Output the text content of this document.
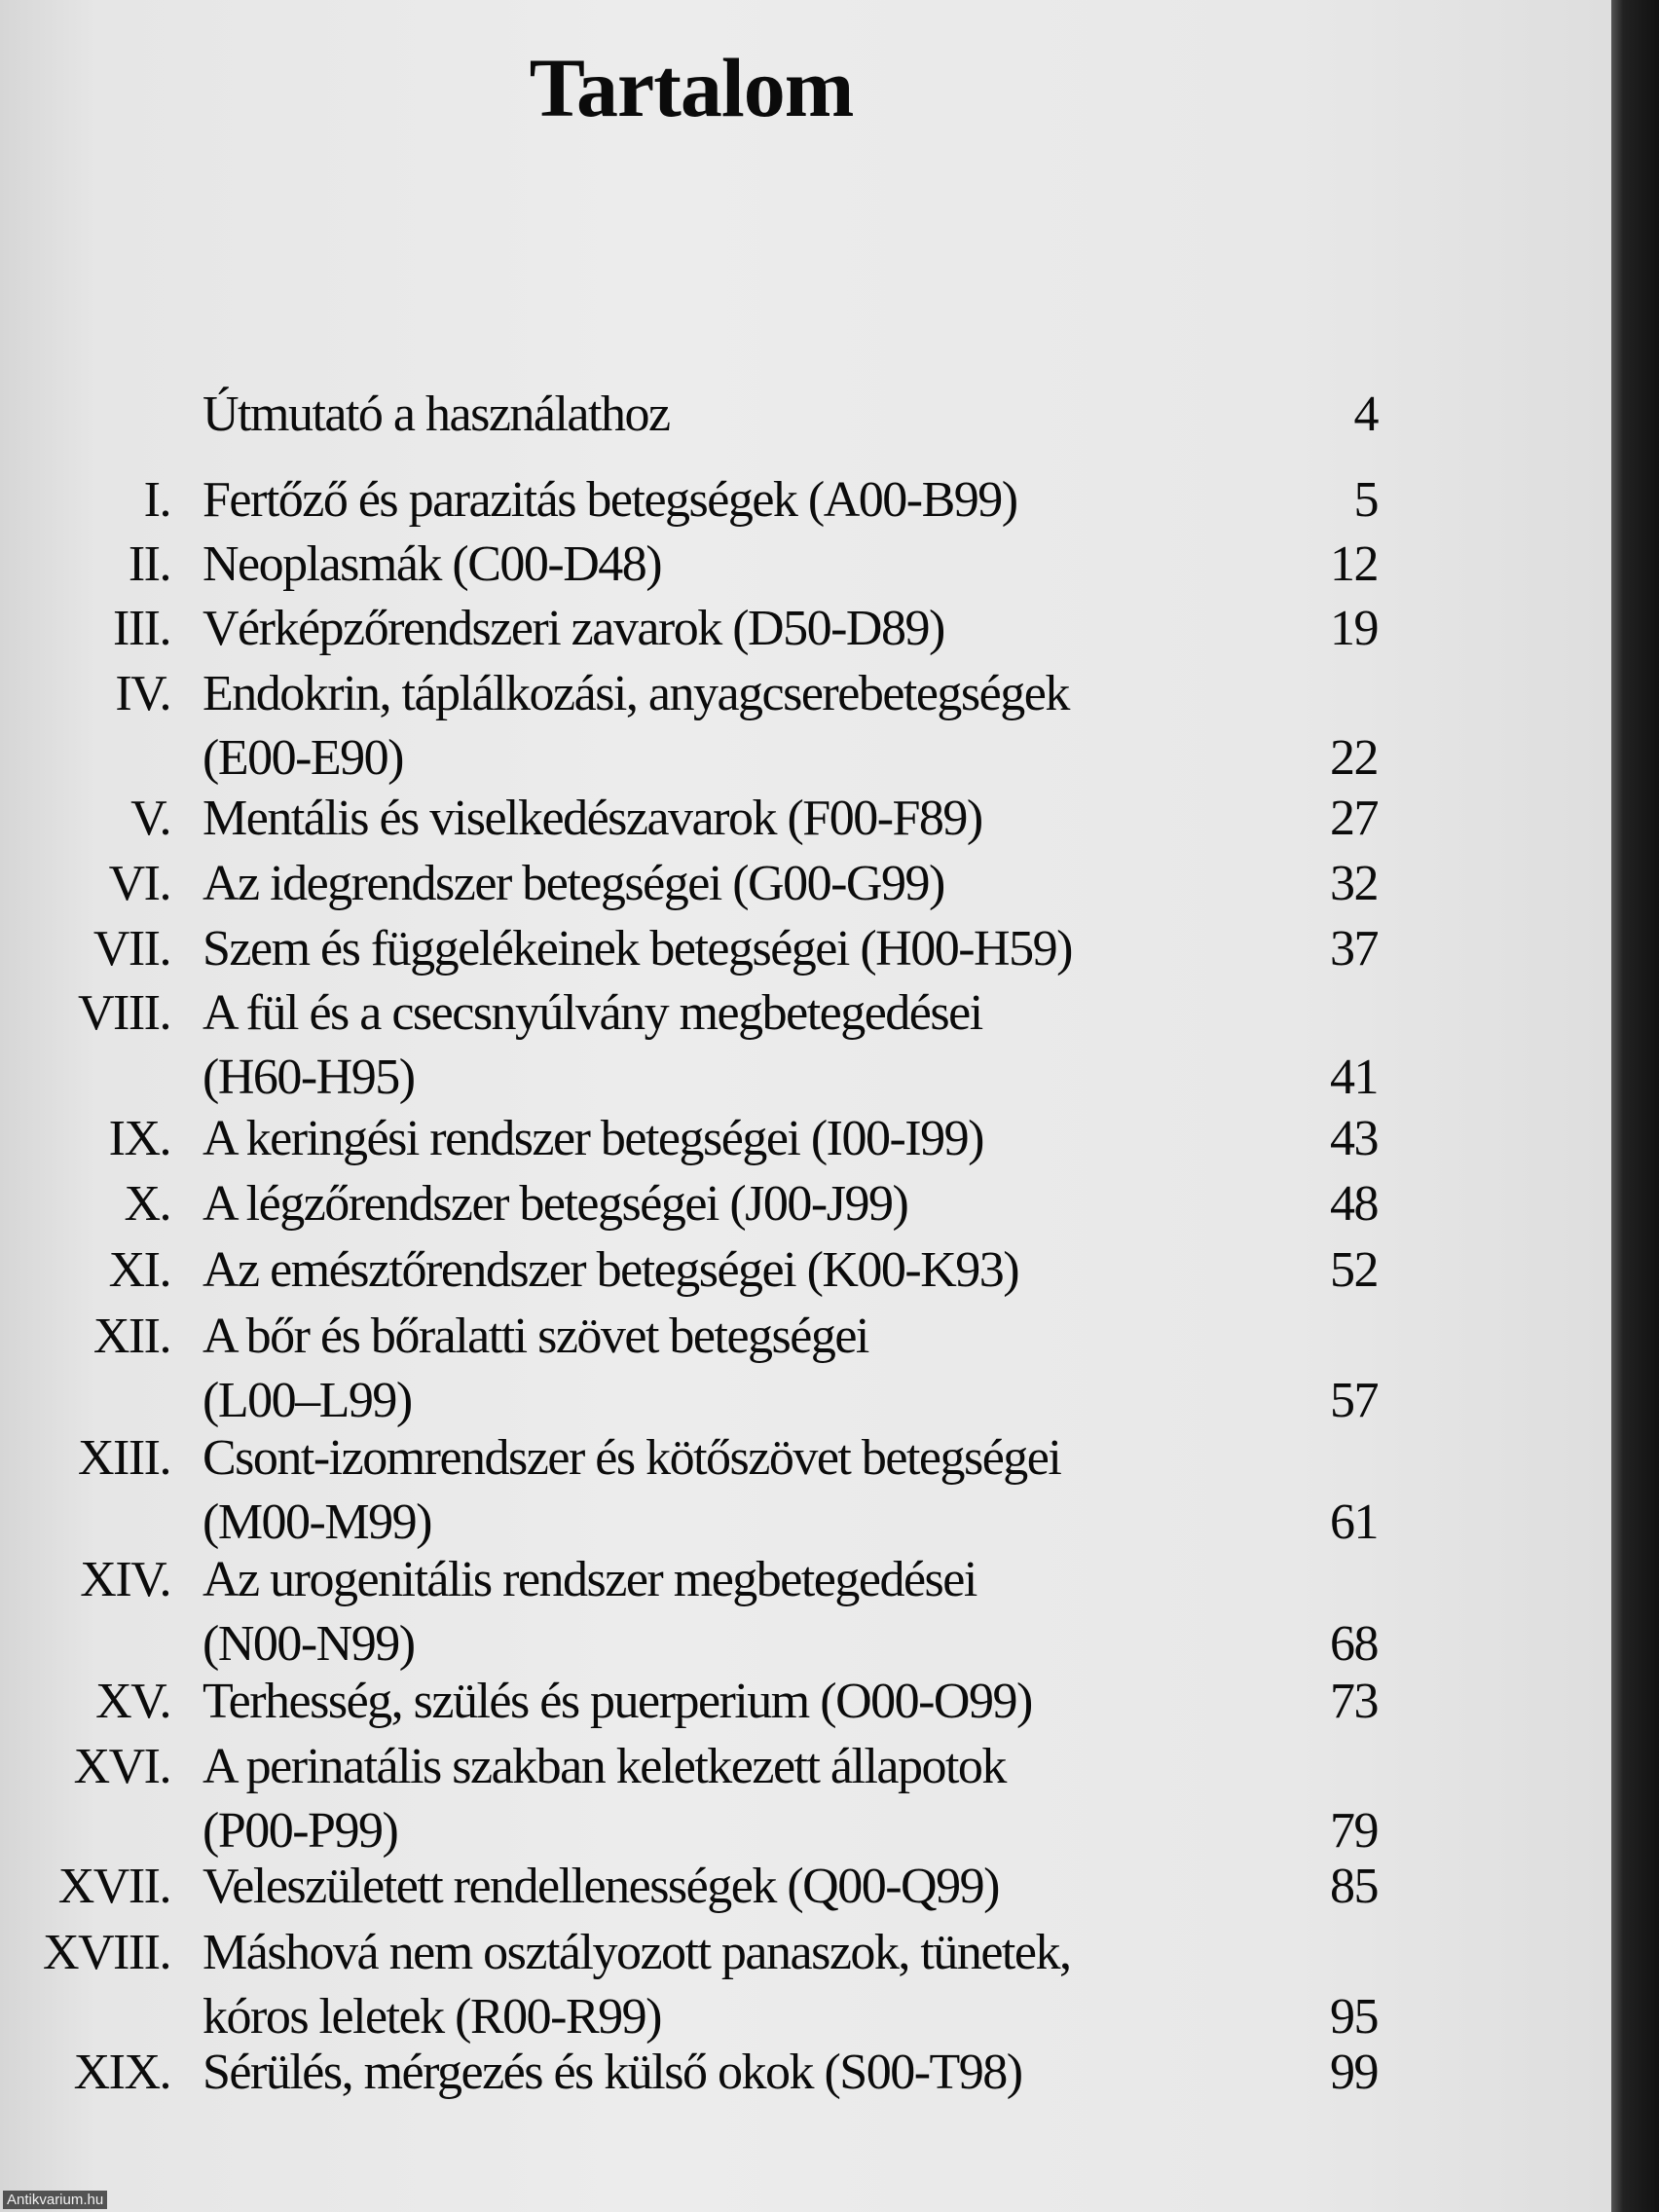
Tartalom
Útmutató a használathoz	4
I. Fertőző és parazitás betegségek (A00-B99)	5
II. Neoplasmák (C00-D48)	12
III. Vérképzőrendszeri zavarok (D50-D89)	19
IV. Endokrin, táplálkozási, anyagcserebetegségek
(E00-E90)	22
V. Mentális és viselkedészavarok (F00-F89)	27
VI. Az idegrendszer betegségei (G00-G99)	32
VII. Szem és függelékeinek betegségei (H00-H59)	37
VIII. A fül és a csecsnyúlvány megbetegedései
(H60-H95)	41
IX. A keringési rendszer betegségei (I00-I99)	43
X. A légzőrendszer betegségei (J00-J99)	48
XI. Az emésztőrendszer betegségei (K00-K93)	52
XII. A bőr és bőralatti szövet betegségei
(L00–L99)	57
XIII. Csont-izomrendszer és kötőszövet betegségei
(M00-M99)	61
XIV. Az urogenitális rendszer megbetegedései
(N00-N99)	68
XV. Terhesség, szülés és puerperium (O00-O99)	73
XVI. A perinatális szakban keletkezett állapotok
(P00-P99)	79
XVII. Veleszületett rendellenességek (Q00-Q99)	85
XVIII. Máshová nem osztályozott panaszok, tünetek,
kóros leletek (R00-R99)	95
XIX. Sérülés, mérgezés és külső okok (S00-T98)	99
Antikvarium.hu
